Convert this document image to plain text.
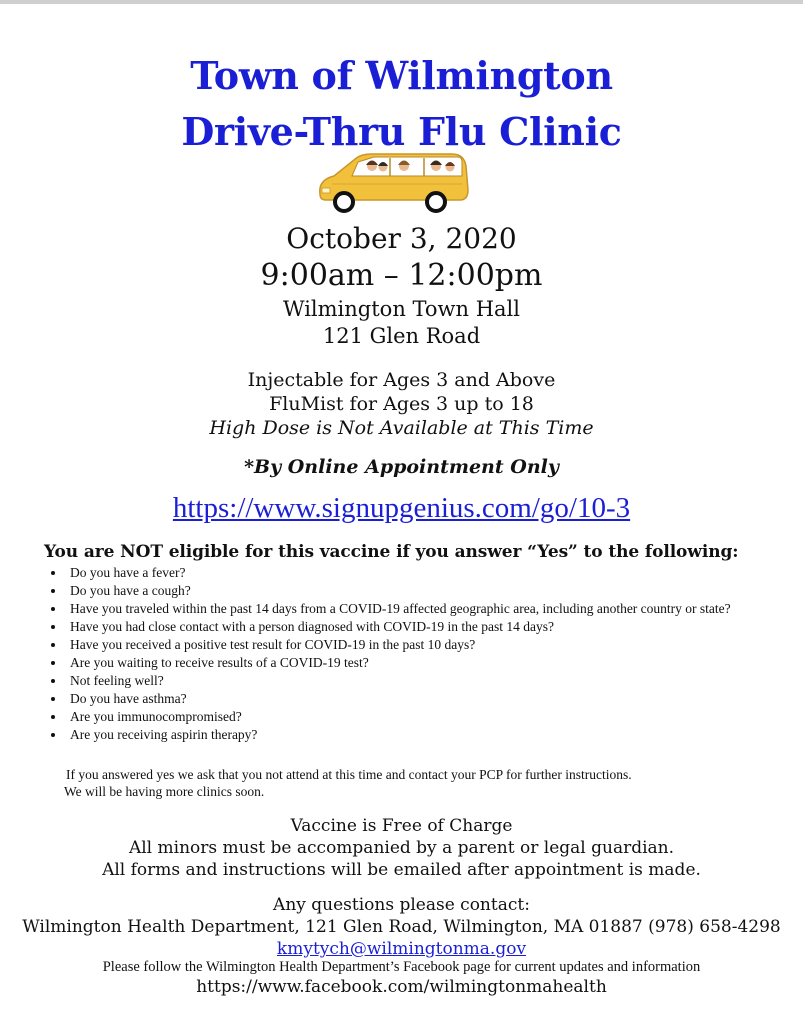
Town of Wilmington
Drive-Thru Flu Clinic
October 3, 2020
9:00am – 12:00pm
Wilmington Town Hall
121 Glen Road
Injectable for Ages 3 and Above
FluMist for Ages 3 up to 18
High Dose is Not Available at This Time
*By Online Appointment Only
https://www.signupgenius.com/go/10-3
You are NOT eligible for this vaccine if you answer “Yes” to the following:
Do you have a fever?
Do you have a cough?
Have you traveled within the past 14 days from a COVID-19 affected geographic area, including another country or state?
Have you had close contact with a person diagnosed with COVID-19 in the past 14 days?
Have you received a positive test result for COVID-19 in the past 10 days?
Are you waiting to receive results of a COVID-19 test?
Not feeling well?
Do you have asthma?
Are you immunocompromised?
Are you receiving aspirin therapy?
If you answered yes we ask that you not attend at this time and contact your PCP for further instructions.
We will be having more clinics soon.
Vaccine is Free of Charge
All minors must be accompanied by a parent or legal guardian.
All forms and instructions will be emailed after appointment is made.
Any questions please contact:
Wilmington Health Department, 121 Glen Road, Wilmington, MA 01887 (978) 658-4298
kmytych@wilmingtonma.gov
Please follow the Wilmington Health Department’s Facebook page for current updates and information
https://www.facebook.com/wilmingtonmahealth
